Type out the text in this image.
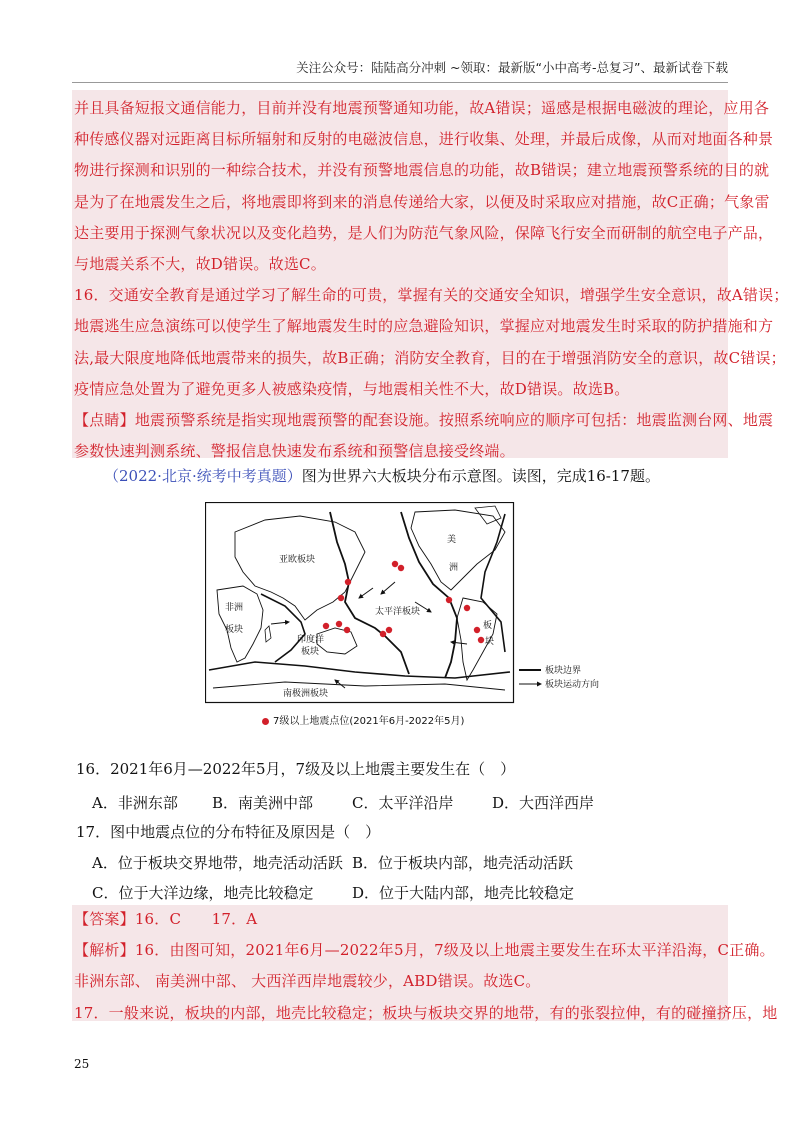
关注公众号：陆陆高分冲刺 ~领取：最新版“小中高考-总复习”、最新试卷下载
并且具备短报文通信能力，目前并没有地震预警通知功能，故A错误；遥感是根据电磁波的理论，应用各
种传感仪器对远距离目标所辐射和反射的电磁波信息，进行收集、处理，并最后成像，从而对地面各种景
物进行探测和识别的一种综合技术，并没有预警地震信息的功能，故B错误；建立地震预警系统的目的就
是为了在地震发生之后，将地震即将到来的消息传递给大家，以便及时采取应对措施，故C正确；气象雷
达主要用于探测气象状况以及变化趋势，是人们为防范气象风险，保障飞行安全而研制的航空电子产品，
与地震关系不大，故D错误。故选C。
16．交通安全教育是通过学习了解生命的可贵，掌握有关的交通安全知识，增强学生安全意识，故A错误；
地震逃生应急演练可以使学生了解地震发生时的应急避险知识，掌握应对地震发生时采取的防护措施和方
法,最大限度地降低地震带来的损失，故B正确；消防安全教育，目的在于增强消防安全的意识，故C错误；
疫情应急处置为了避免更多人被感染疫情，与地震相关性不大，故D错误。故选B。
【点睛】地震预警系统是指实现地震预警的配套设施。按照系统响应的顺序可包括：地震监测台网、地震
参数快速判测系统、警报信息快速发布系统和预警信息接受终端。
（2022·北京·统考中考真题）图为世界六大板块分布示意图。读图，完成16-17题。
亚欧板块
非洲
板块
太平洋板块
印度洋
板块
美
洲
板
块
南极洲板块
板块边界
板块运动方向
7级以上地震点位(2021年6月-2022年5月)
16．2021年6月—2022年5月，7级及以上地震主要发生在（　）
A．非洲东部 B．南美洲中部	C．太平洋沿岸	D．大西洋西岸
17．图中地震点位的分布特征及原因是（　）
A．位于板块交界地带，地壳活动活跃 B．位于板块内部，地壳活动活跃
C．位于大洋边缘，地壳比较稳定	D．位于大陆内部，地壳比较稳定
【答案】16．C　　17．A
【解析】16．由图可知，2021年6月—2022年5月，7级及以上地震主要发生在环太平洋沿海，C正确。
非洲东部、 南美洲中部、 大西洋西岸地震较少，ABD错误。故选C。
17．一般来说，板块的内部，地壳比较稳定；板块与板块交界的地带，有的张裂拉伸，有的碰撞挤压，地
25
